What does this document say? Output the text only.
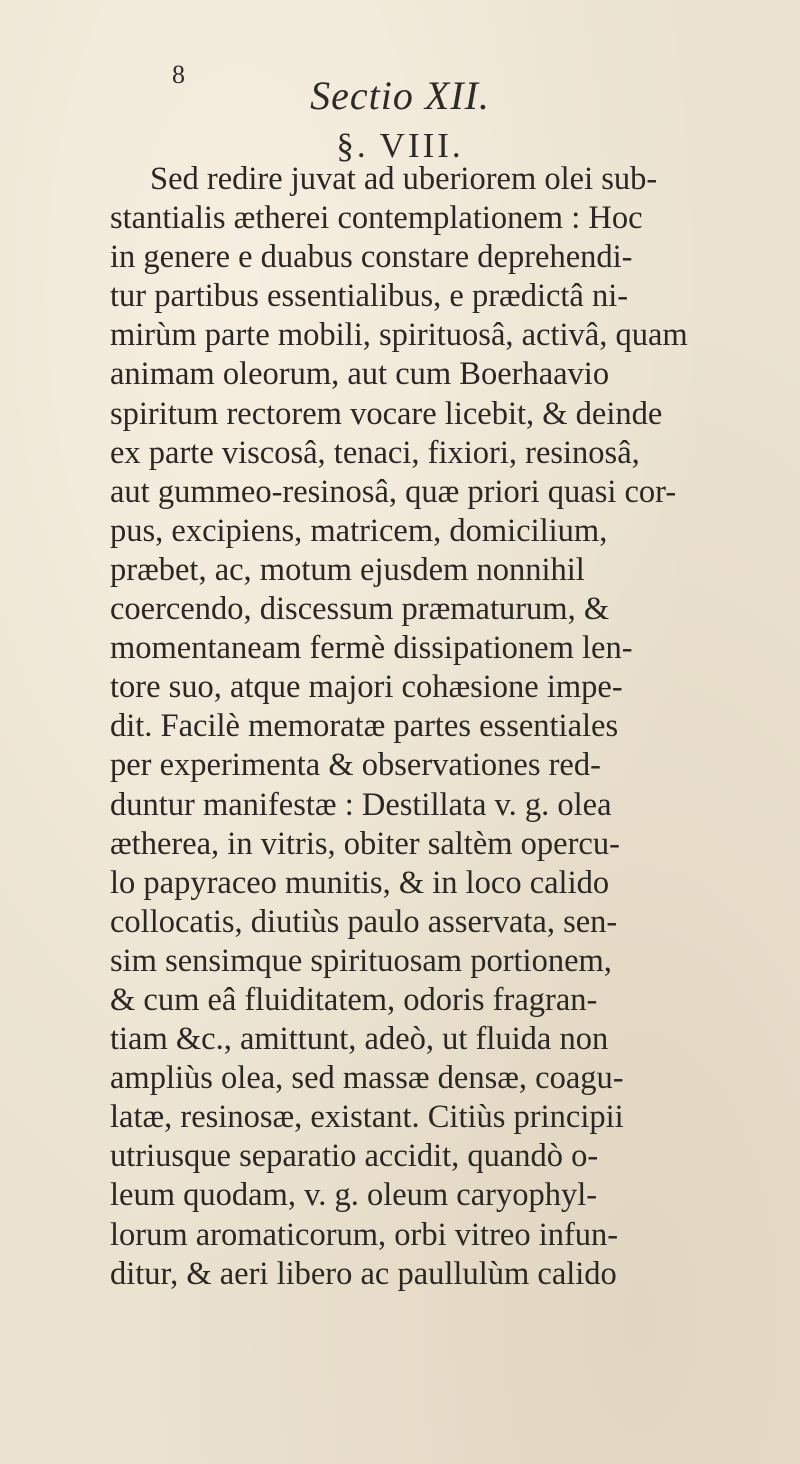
8	Sectio XII.
§. VIII.
Sed redire juvat ad uberiorem olei sub-
stantialis ætherei contemplationem : Hoc
in genere e duabus constare deprehendi-
tur partibus essentialibus, e prædictâ ni-
mirùm parte mobili, spirituosâ, activâ, quam
animam oleorum, aut cum Boerhaavio
spiritum rectorem vocare licebit, & deinde
ex parte viscosâ, tenaci, fixiori, resinosâ,
aut gummeo-resinosâ, quæ priori quasi cor-
pus, excipiens, matricem, domicilium,
præbet, ac, motum ejusdem nonnihil
coercendo, discessum præmaturum, &
momentaneam fermè dissipationem len-
tore suo, atque majori cohæsione impe-
dit. Facilè memoratæ partes essentiales
per experimenta & observationes red-
duntur manifestæ : Destillata v. g. olea
ætherea, in vitris, obiter saltèm opercu-
lo papyraceo munitis, & in loco calido
collocatis, diutiùs paulo asservata, sen-
sim sensimque spirituosam portionem,
& cum eâ fluiditatem, odoris fragran-
tiam &c., amittunt, adeò, ut fluida non
ampliùs olea, sed massæ densæ, coagu-
latæ, resinosæ, existant. Citiùs principii
utriusque separatio accidit, quandò o-
leum quodam, v. g. oleum caryophyl-
lorum aromaticorum, orbi vitreo infun-
ditur, & aeri libero ac paullulùm calido
